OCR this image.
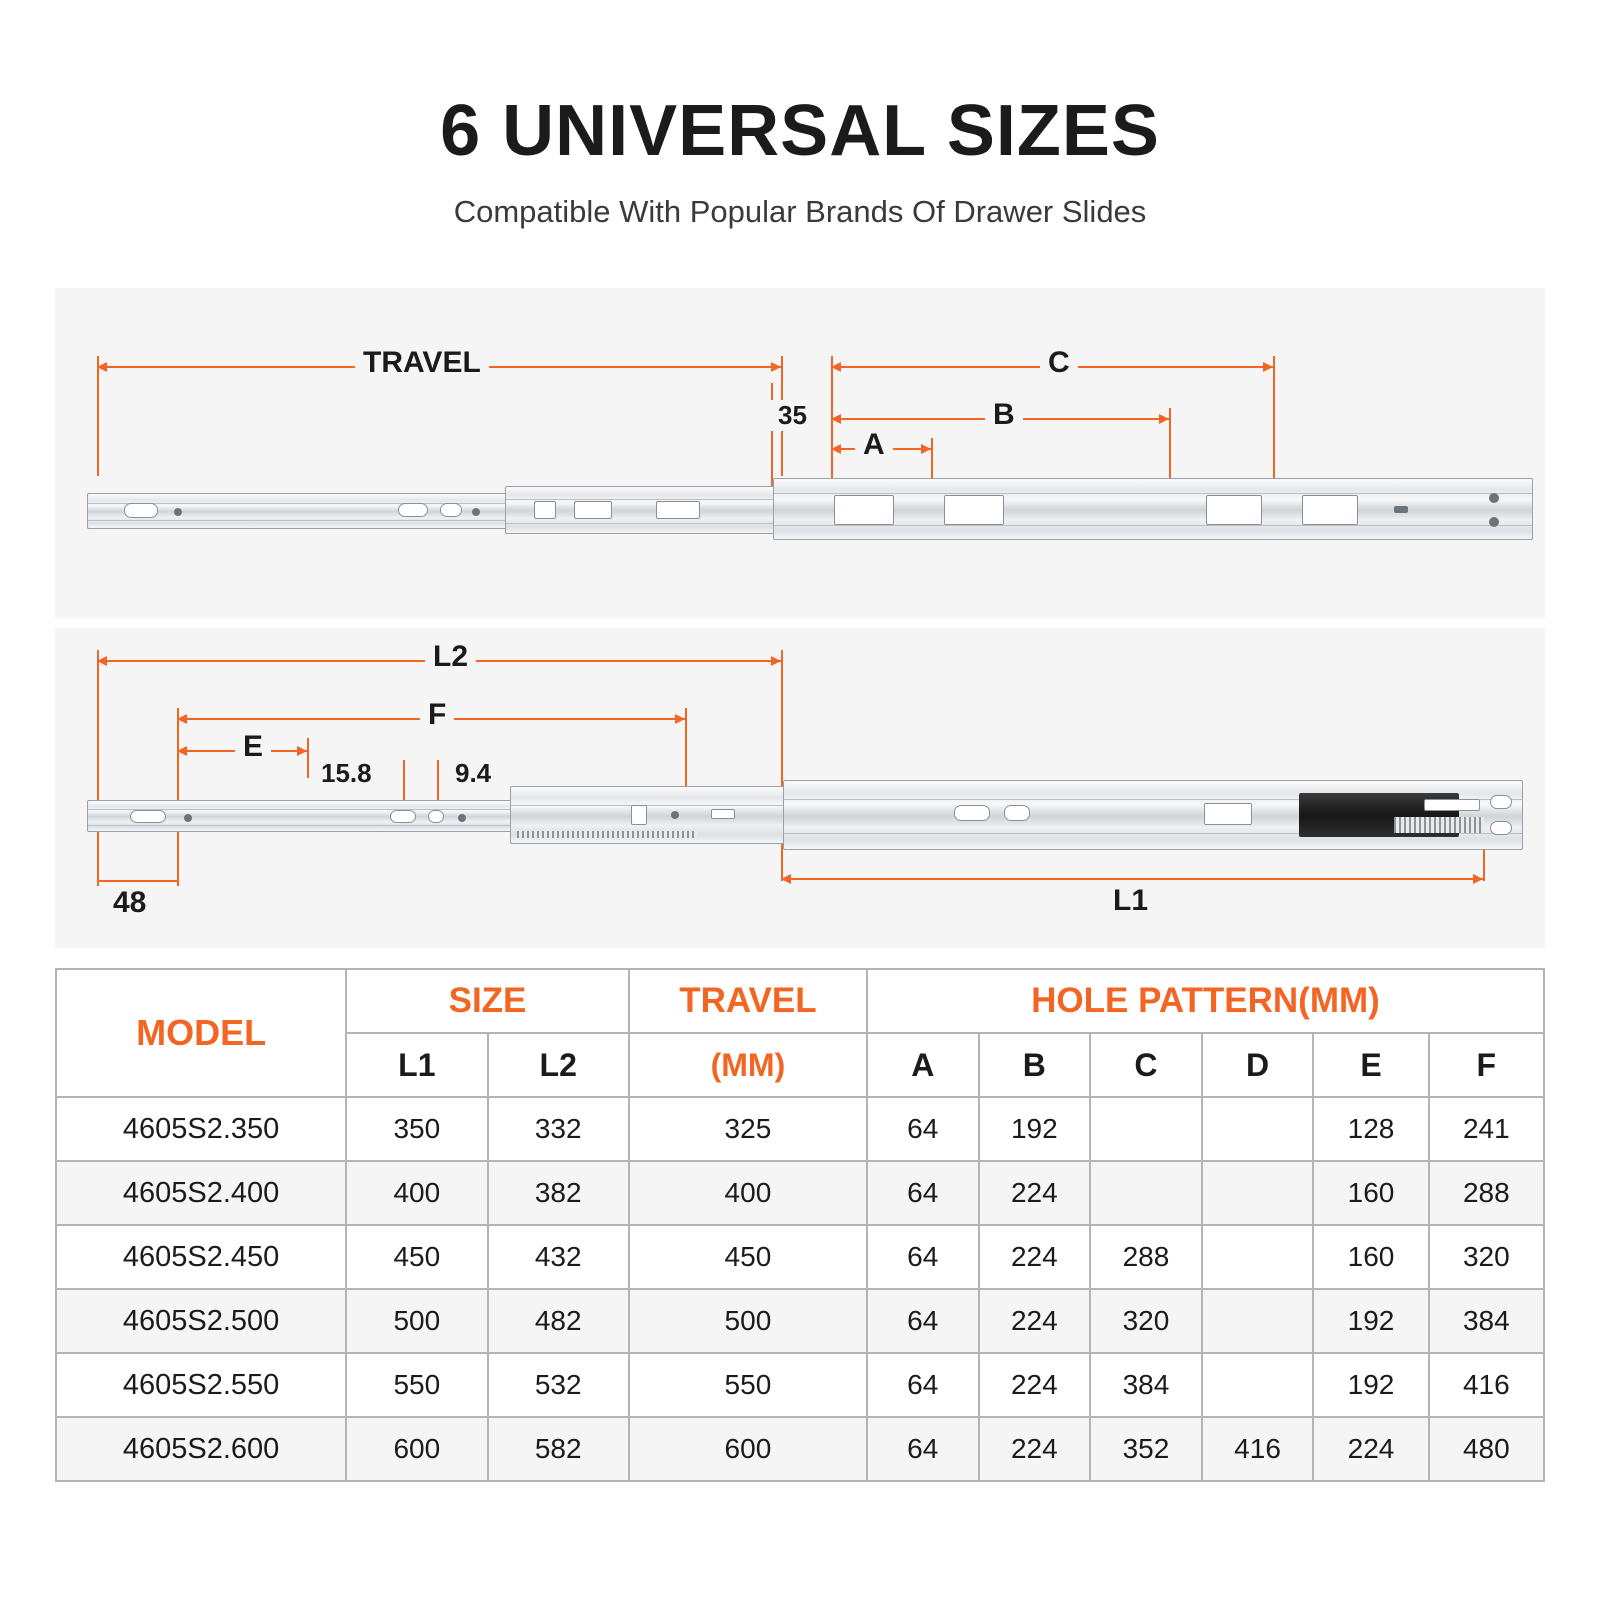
6 UNIVERSAL SIZES

Compatible With Popular Brands Of Drawer Slides

TRAVEL	C
B
A
35
L2
F
E
15.8	9.4
48	L1
MODEL	SIZE		TRAVEL	HOLE PATTERN(MM)					
	L1	L2	(MM)	A	B	C	D	E	F
4605S2.350	350	332	325	64	192			128	241
4605S2.400	400	382	400	64	224			160	288
4605S2.450	450	432	450	64	224	288		160	320
4605S2.500	500	482	500	64	224	320		192	384
4605S2.550	550	532	550	64	224	384		192	416
4605S2.600	600	582	600	64	224	352	416	224	480
